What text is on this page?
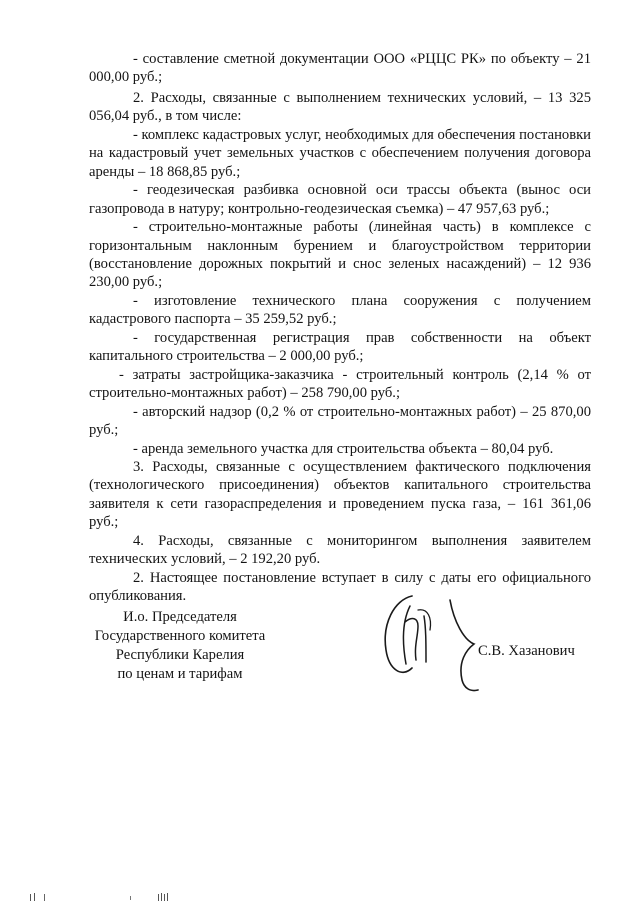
- составление сметной документации ООО «РЦЦС РК» по объекту – 21 000,00 руб.;

2. Расходы, связанные с выполнением технических условий, – 13 325 056,04 руб., в том числе:

- комплекс кадастровых услуг, необходимых для обеспечения постановки на кадастровый учет земельных участков с обеспечением получения договора аренды – 18 868,85 руб.;

- геодезическая разбивка основной оси трассы объекта (вынос оси газопровода в натуру; контрольно-геодезическая съемка) – 47 957,63 руб.;

- строительно-монтажные работы (линейная часть) в комплексе с горизонтальным наклонным бурением и благоустройством территории (восстановление дорожных покрытий и снос зеленых насаждений) – 12 936 230,00 руб.;

- изготовление технического плана сооружения с получением кадастрового паспорта – 35 259,52 руб.;

- государственная регистрация прав собственности на объект капитального строительства – 2 000,00 руб.;

- затраты застройщика-заказчика - строительный контроль (2,14 % от строительно-монтажных работ) – 258 790,00 руб.;

- авторский надзор (0,2 % от строительно-монтажных работ) – 25 870,00 руб.;

- аренда земельного участка для строительства объекта – 80,04 руб.

3. Расходы, связанные с осуществлением фактического подключения (технологического присоединения) объектов капитального строительства заявителя к сети газораспределения и проведением пуска газа, – 161 361,06 руб.;

4. Расходы, связанные с мониторингом выполнения заявителем технических условий, – 2 192,20 руб.

2. Настоящее постановление вступает в силу с даты его официального опубликования.

И.о. Председателя
Государственного комитета
Республики Карелия
по ценам и тарифам
С.В. Хазанович
